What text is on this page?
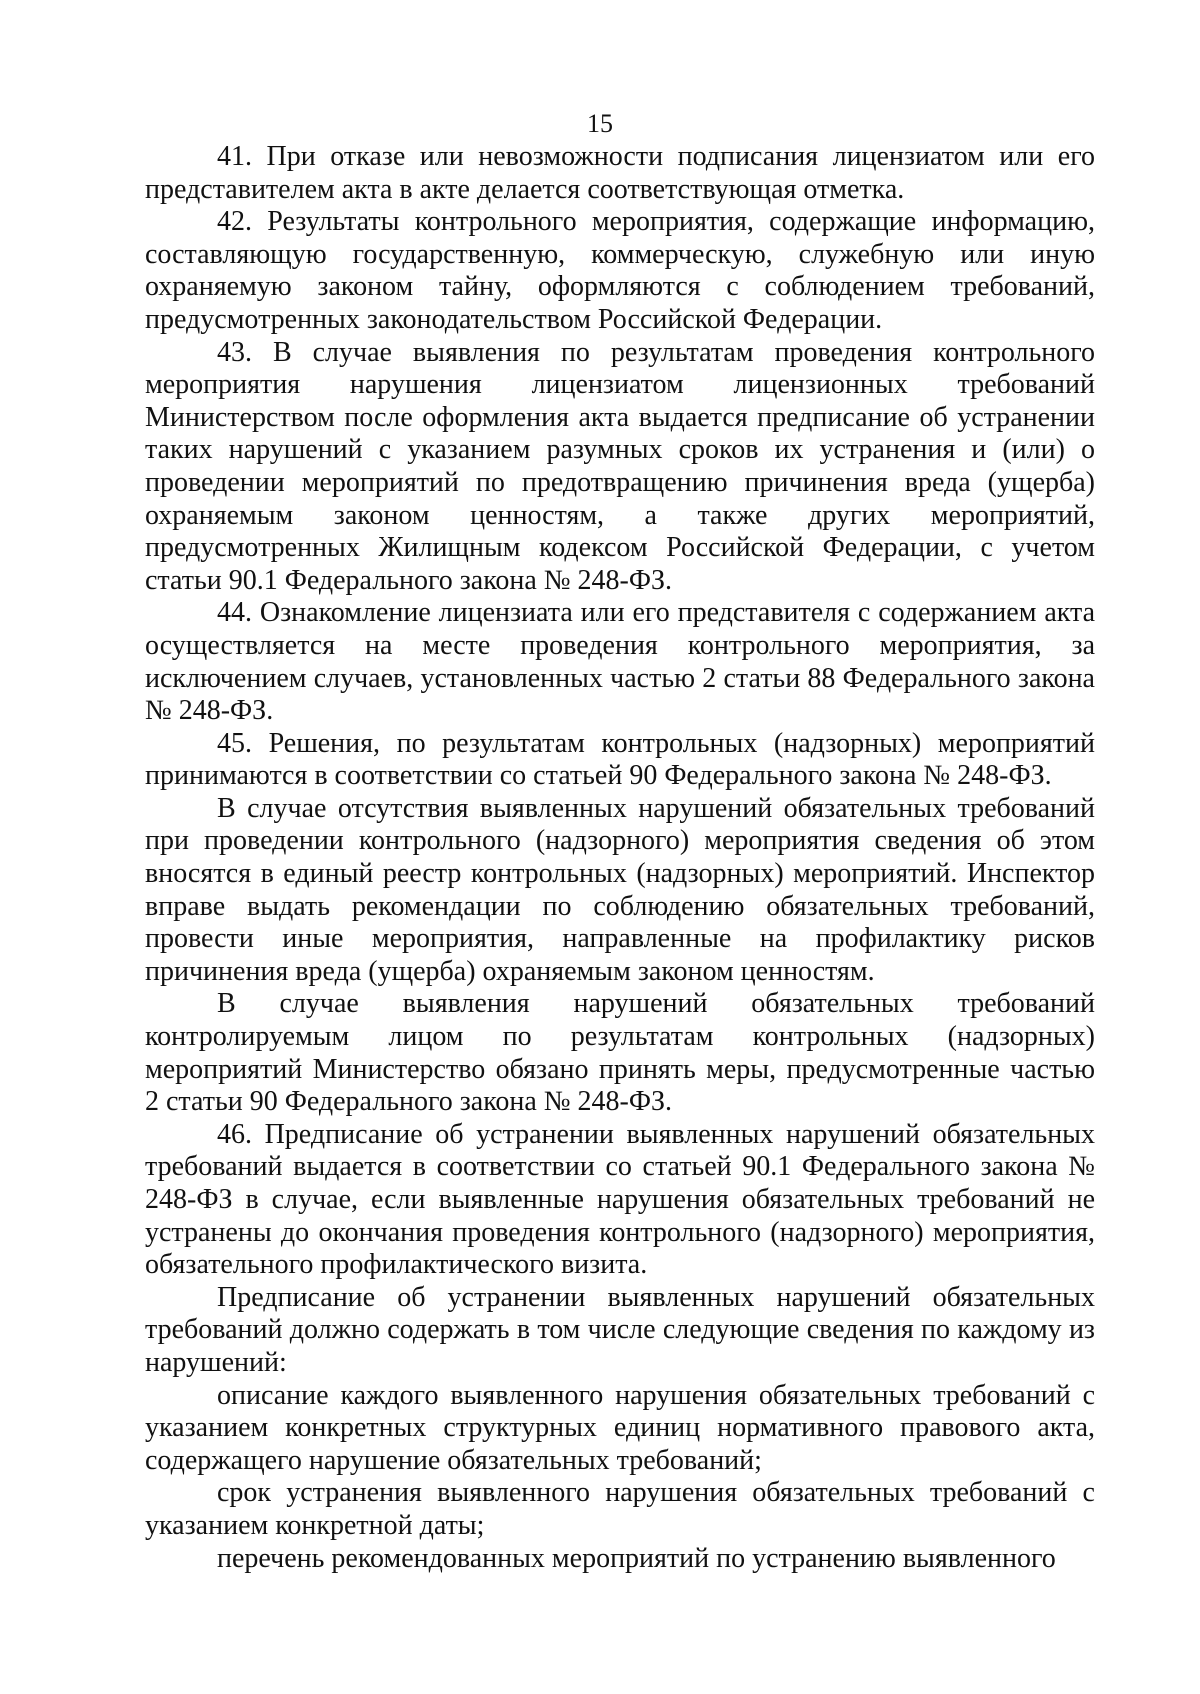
15

41. При отказе или невозможности подписания лицензиатом или его представителем акта в акте делается соответствующая отметка.

42. Результаты контрольного мероприятия, содержащие информацию, составляющую государственную, коммерческую, служебную или иную охраняемую законом тайну, оформляются с соблюдением требований, предусмотренных законодательством Российской Федерации.

43. В случае выявления по результатам проведения контрольного мероприятия нарушения лицензиатом лицензионных требований Министерством после оформления акта выдается предписание об устранении таких нарушений с указанием разумных сроков их устранения и (или) о проведении мероприятий по предотвращению причинения вреда (ущерба) охраняемым законом ценностям, а также других мероприятий, предусмотренных Жилищным кодексом Российской Федерации, с учетом статьи 90.1 Федерального закона № 248-ФЗ.

44. Ознакомление лицензиата или его представителя с содержанием акта осуществляется на месте проведения контрольного мероприятия, за исключением случаев, установленных частью 2 статьи 88 Федерального закона № 248-ФЗ.

45. Решения, по результатам контрольных (надзорных) мероприятий принимаются в соответствии со статьей 90 Федерального закона № 248-ФЗ.

В случае отсутствия выявленных нарушений обязательных требований при проведении контрольного (надзорного) мероприятия сведения об этом вносятся в единый реестр контрольных (надзорных) мероприятий. Инспектор вправе выдать рекомендации по соблюдению обязательных требований, провести иные мероприятия, направленные на профилактику рисков причинения вреда (ущерба) охраняемым законом ценностям.

В случае выявления нарушений обязательных требований контролируемым лицом по результатам контрольных (надзорных) мероприятий Министерство обязано принять меры, предусмотренные частью 2 статьи 90 Федерального закона № 248-ФЗ.

46. Предписание об устранении выявленных нарушений обязательных требований выдается в соответствии со статьей 90.1 Федерального закона № 248-ФЗ в случае, если выявленные нарушения обязательных требований не устранены до окончания проведения контрольного (надзорного) мероприятия, обязательного профилактического визита.

Предписание об устранении выявленных нарушений обязательных требований должно содержать в том числе следующие сведения по каждому из нарушений:

описание каждого выявленного нарушения обязательных требований с указанием конкретных структурных единиц нормативного правового акта, содержащего нарушение обязательных требований;

срок устранения выявленного нарушения обязательных требований с указанием конкретной даты;

перечень рекомендованных мероприятий по устранению выявленного
